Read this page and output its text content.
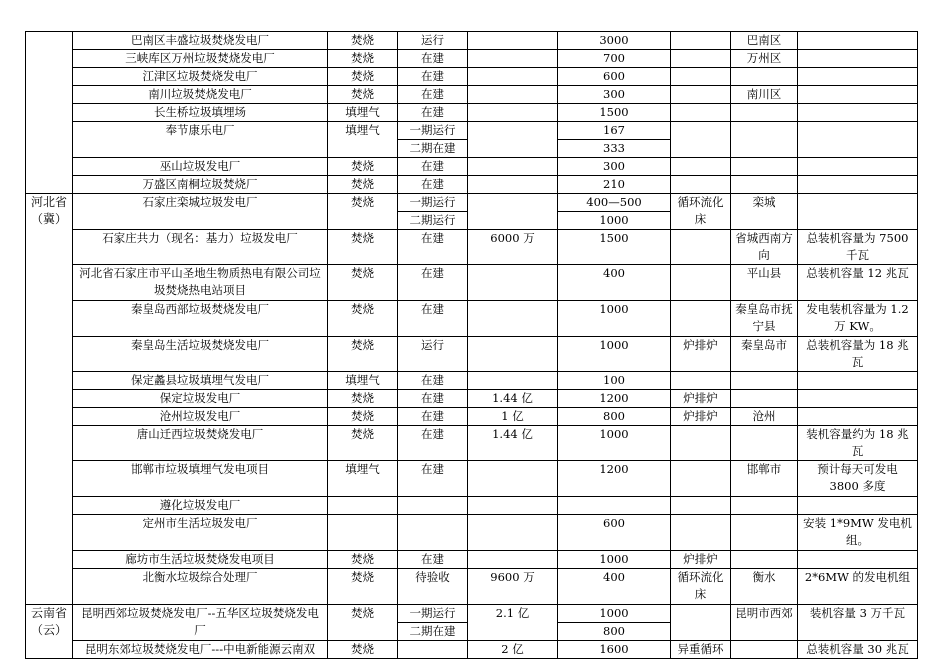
	巴南区丰盛垃圾焚烧发电厂	焚烧	运行		3000		巴南区	
	三峡库区万州垃圾焚烧发电厂	焚烧	在建		700		万州区	
	江津区垃圾焚烧发电厂	焚烧	在建		600			
	南川垃圾焚烧发电厂	焚烧	在建		300		南川区	
	长生桥垃圾填埋场	填埋气	在建		1500			
	奉节康乐电厂	填埋气	一期运行		167			
			二期在建		333			
	巫山垃圾发电厂	焚烧	在建		300			
	万盛区南桐垃圾焚烧厂	焚烧	在建		210			
河北省（冀）	石家庄栾城垃圾发电厂	焚烧	一期运行		400—500	循环流化床	栾城	
			二期运行		1000			
	石家庄共力（现名：基力）垃圾发电厂	焚烧	在建	6000 万	1500		省城西南方向	总装机容量为 7500 千瓦
	河北省石家庄市平山圣地生物质热电有限公司垃圾焚烧热电站项目	焚烧	在建		400		平山县	总装机容量 12 兆瓦
	秦皇岛西部垃圾焚烧发电厂	焚烧	在建		1000		秦皇岛市抚宁县	发电装机容量为 1.2 万 KW。
	秦皇岛生活垃圾焚烧发电厂	焚烧	运行		1000	炉排炉	秦皇岛市	总装机容量为 18 兆瓦
	保定蠡县垃圾填埋气发电厂	填埋气	在建		100			
	保定垃圾发电厂	焚烧	在建	1.44 亿	1200	炉排炉		
	沧州垃圾发电厂	焚烧	在建	1 亿	800	炉排炉	沧州	
	唐山迁西垃圾焚烧发电厂	焚烧	在建	1.44 亿	1000			装机容量约为 18 兆瓦
	邯郸市垃圾填埋气发电项目	填埋气	在建		1200		邯郸市	预计每天可发电 3800 多度
	遵化垃圾发电厂							
	定州市生活垃圾发电厂				600			安装 1*9MW 发电机组。
	廊坊市生活垃圾焚烧发电项目	焚烧	在建		1000	炉排炉		
	北衡水垃圾综合处理厂	焚烧	待验收	9600 万	400	循环流化床	衡水	2*6MW 的发电机组
云南省（云）	昆明西郊垃圾焚烧发电厂--五华区垃圾焚烧发电厂	焚烧	一期运行	2.1 亿	1000		昆明市西郊	装机容量 3 万千瓦
			二期在建		800			
	昆明东郊垃圾焚烧发电厂---中电新能源云南双	焚烧		2 亿	1600	异重循环		总装机容量 30 兆瓦
